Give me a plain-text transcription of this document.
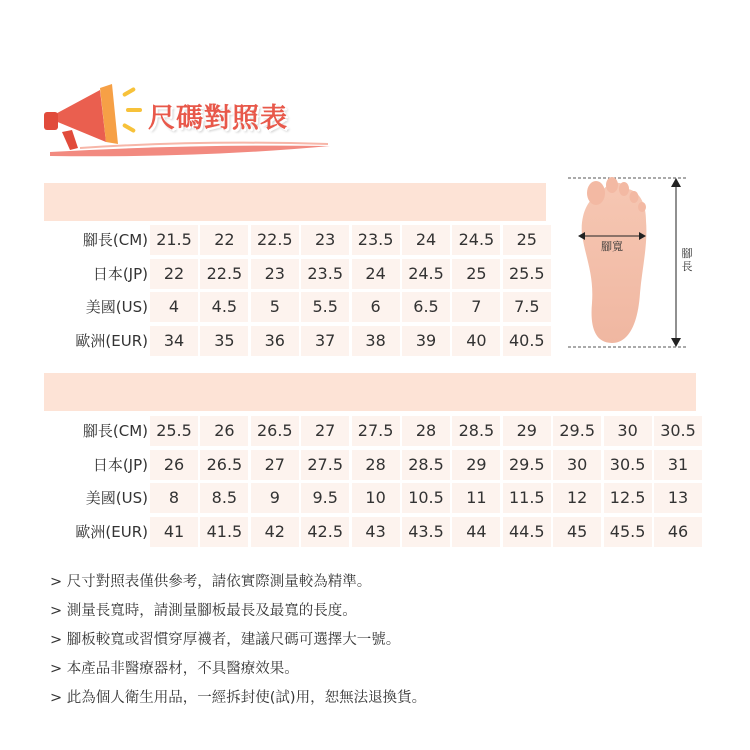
尺碼對照表
腳寬
腳長
腳長(CM) 21.5	22	22.5	23	23.5	24	24.5	25
日本(JP) 22	22.5	23	23.5	24	24.5	25	25.5
美國(US)	4	4.5	5	5.5	6	6.5	7	7.5
歐洲(EUR) 34	35	36	37	38	39	40	40.5
腳長(CM) 25.5	26	26.5	27	27.5	28	28.5	29	29.5	30	30.5
日本(JP) 26	26.5	27	27.5	28	28.5	29	29.5	30	30.5	31
美國(US)	8	8.5	9	9.5	10	10.5	11	11.5	12	12.5	13
歐洲(EUR) 41	41.5	42	42.5	43	43.5	44	44.5	45	45.5	46
> 尺寸對照表僅供參考，請依實際測量較為精準。
> 測量長寬時，請測量腳板最長及最寬的長度。
> 腳板較寬或習慣穿厚襪者，建議尺碼可選擇大一號。
> 本產品非醫療器材，不具醫療效果。
> 此為個人衛生用品，一經拆封使(試)用，恕無法退換貨。
